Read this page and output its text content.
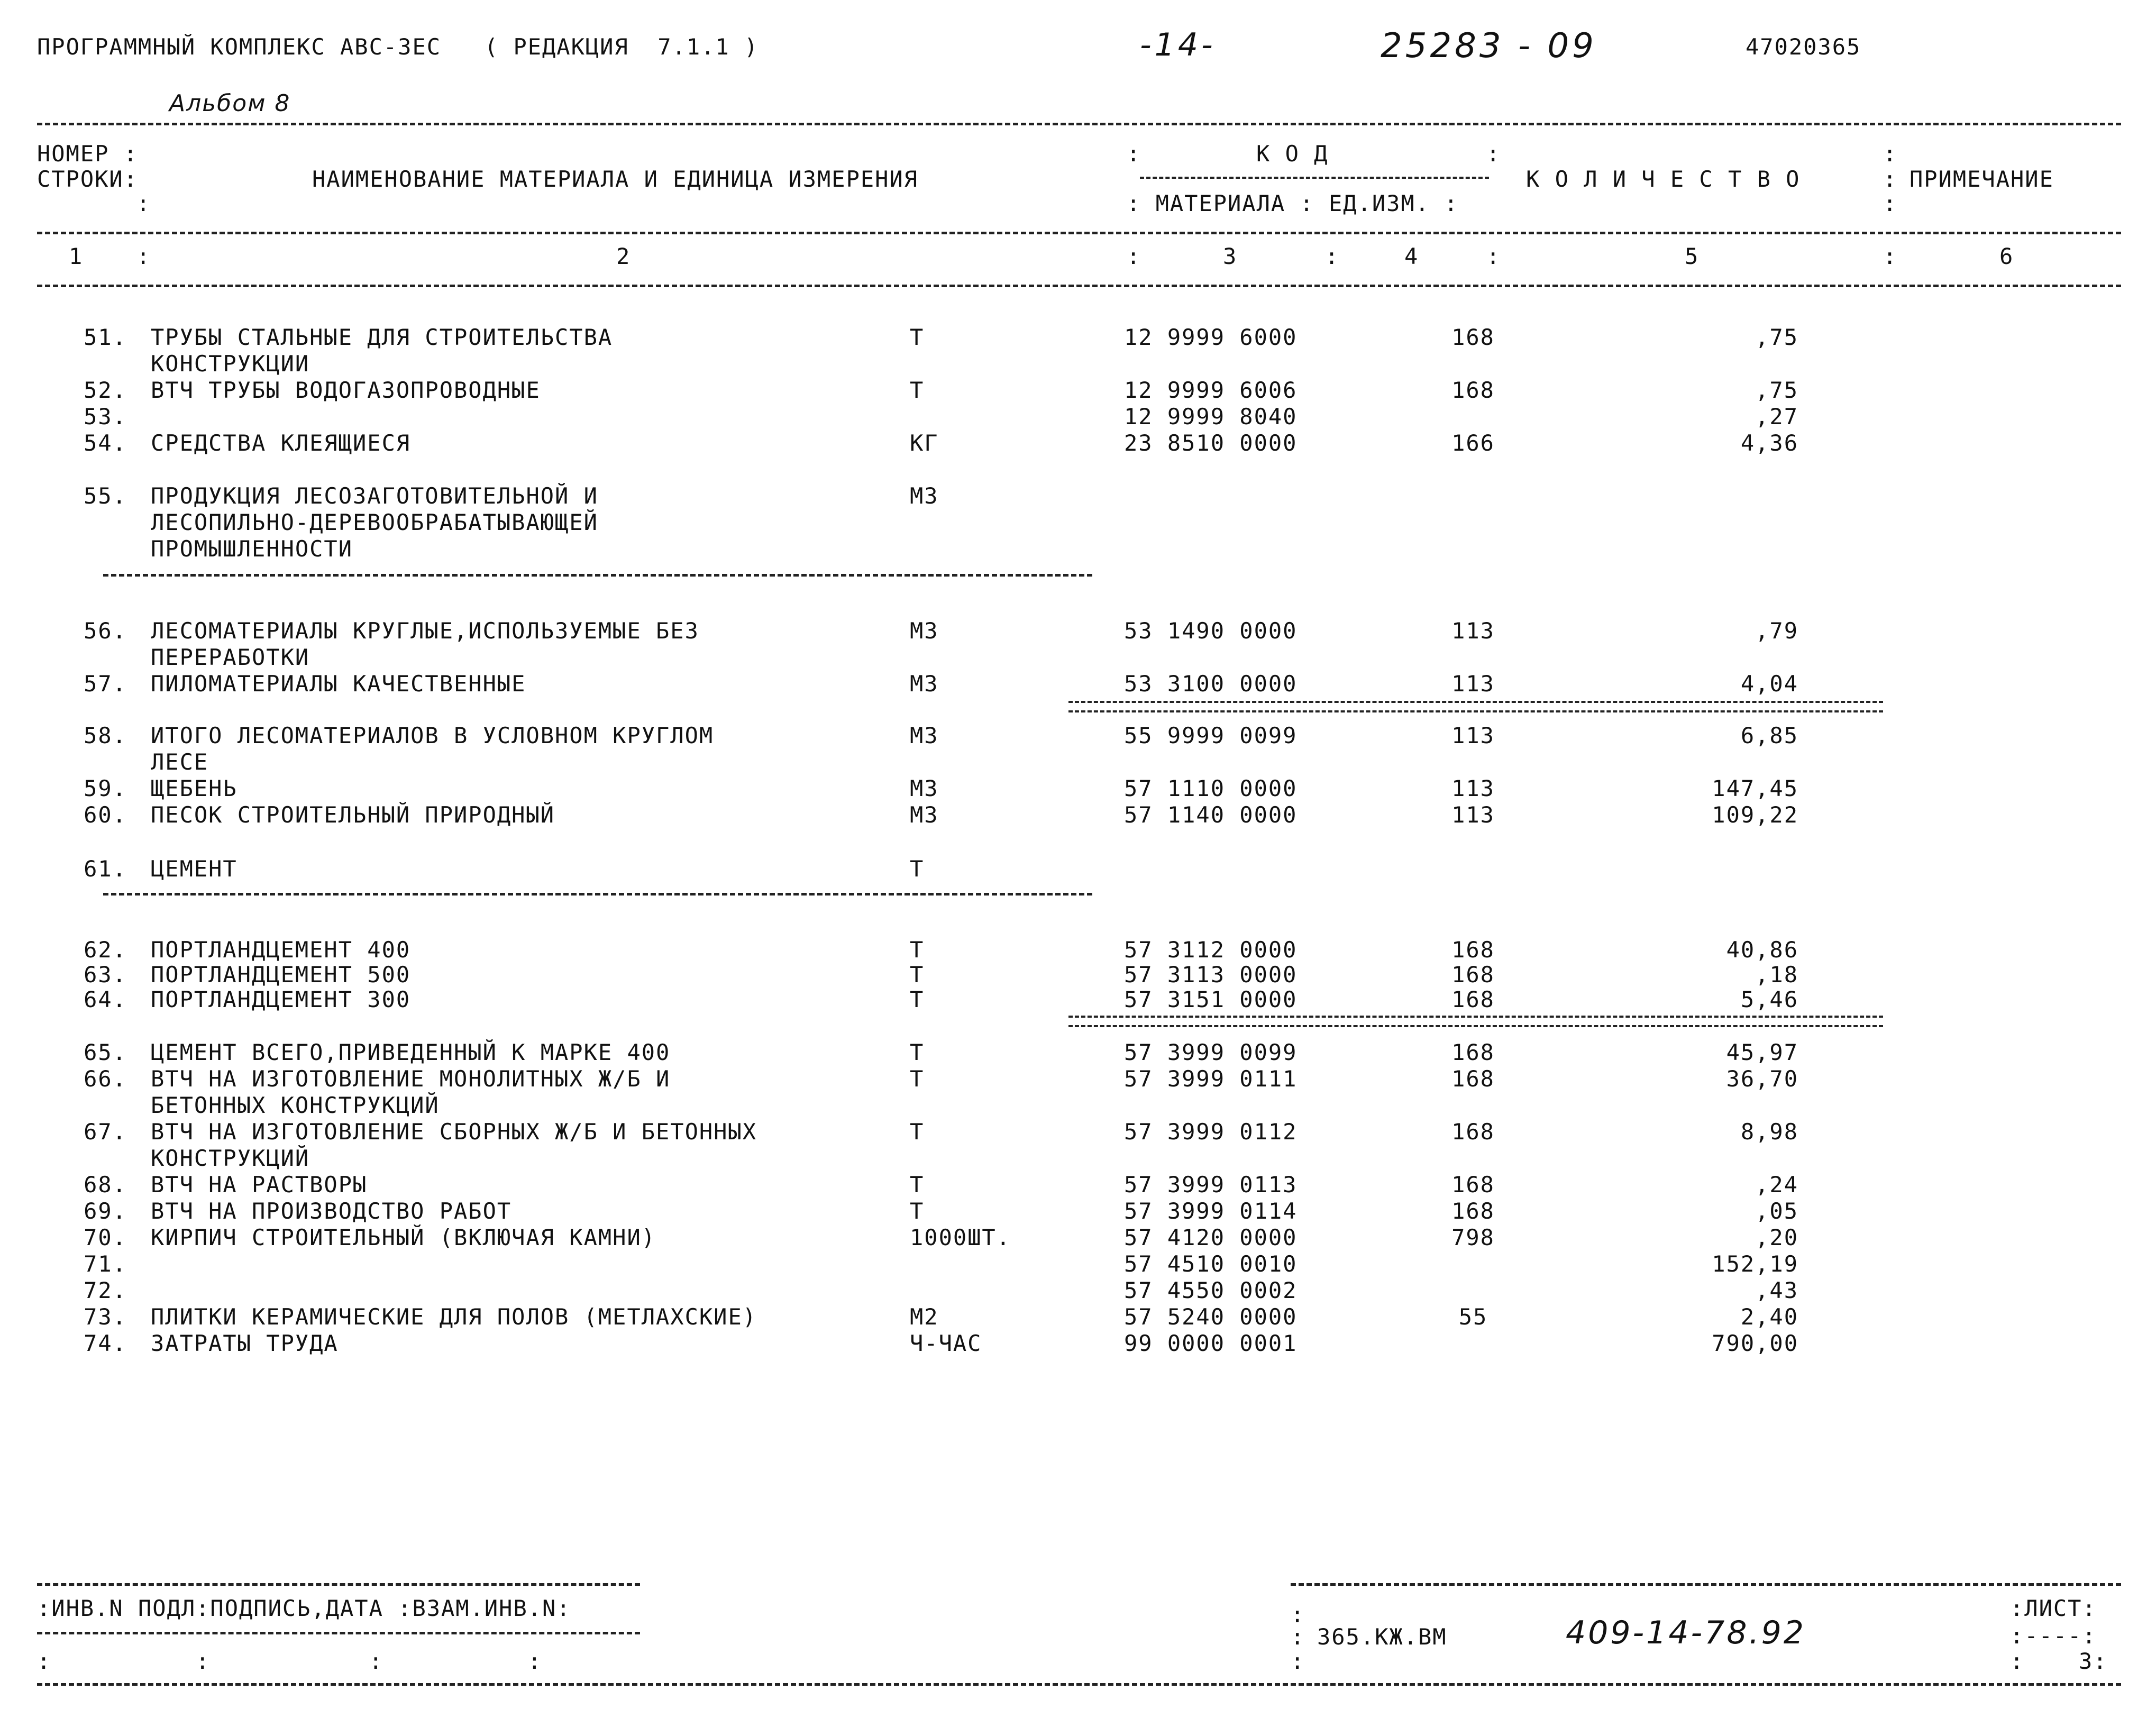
ПРОГРАММНЫЙ КОМПЛЕКС АВС-3ЕС   ( РЕДАКЦИЯ  7.1.1 )	-14-	25283 - 09	47020365
Альбом 8
НОМЕР :
СТРОКИ:
:
НАИМЕНОВАНИЕ МАТЕРИАЛА И ЕДИНИЦА ИЗМЕРЕНИЯ
:	К О Д	:
: МАТЕРИАЛА : ЕД.ИЗМ. :
К О Л И Ч Е С Т В О
:
: ПРИМЕЧАНИЕ
:
1 :	2	:	3	:	4	:	5	:	6
51. ТРУБЫ СТАЛЬНЫЕ ДЛЯ СТРОИТЕЛЬСТВА	Т	12 9999 6000	168	,75
КОНСТРУКЦИИ
52. ВТЧ ТРУБЫ ВОДОГАЗОПРОВОДНЫЕ	Т	12 9999 6006	168	,75
53.	12 9999 8040	,27
54. СРЕДСТВА КЛЕЯЩИЕСЯ	КГ	23 8510 0000	166	4,36
55. ПРОДУКЦИЯ ЛЕСОЗАГОТОВИТЕЛЬНОЙ И	М3
ЛЕСОПИЛЬНО-ДЕРЕВООБРАБАТЫВАЮЩЕЙ
ПРОМЫШЛЕННОСТИ
56. ЛЕСОМАТЕРИАЛЫ КРУГЛЫЕ,ИСПОЛЬЗУЕМЫЕ БЕЗ	М3	53 1490 0000	113	,79
ПЕРЕРАБОТКИ
57. ПИЛОМАТЕРИАЛЫ КАЧЕСТВЕННЫЕ	М3	53 3100 0000	113	4,04
58. ИТОГО ЛЕСОМАТЕРИАЛОВ В УСЛОВНОМ КРУГЛОМ	М3	55 9999 0099	113	6,85
ЛЕСЕ
59. ЩЕБЕНЬ	М3	57 1110 0000	113	147,45
60. ПЕСОК СТРОИТЕЛЬНЫЙ ПРИРОДНЫЙ	М3	57 1140 0000	113	109,22
61. ЦЕМЕНТ	Т
62. ПОРТЛАНДЦЕМЕНТ 400	Т	57 3112 0000	168	40,86
63. ПОРТЛАНДЦЕМЕНТ 500	Т	57 3113 0000	168	,18
64. ПОРТЛАНДЦЕМЕНТ 300	Т	57 3151 0000	168	5,46
65. ЦЕМЕНТ ВСЕГО,ПРИВЕДЕННЫЙ К МАРКЕ 400	Т	57 3999 0099	168	45,97
66. ВТЧ НА ИЗГОТОВЛЕНИЕ МОНОЛИТНЫХ Ж/Б И	Т	57 3999 0111	168	36,70
БЕТОННЫХ КОНСТРУКЦИЙ
67. ВТЧ НА ИЗГОТОВЛЕНИЕ СБОРНЫХ Ж/Б И БЕТОННЫХ	Т	57 3999 0112	168	8,98
КОНСТРУКЦИЙ
68. ВТЧ НА РАСТВОРЫ	Т	57 3999 0113	168	,24
69. ВТЧ НА ПРОИЗВОДСТВО РАБОТ	Т	57 3999 0114	168	,05
70. КИРПИЧ СТРОИТЕЛЬНЫЙ (ВКЛЮЧАЯ КАМНИ)	1000ШТ.	57 4120 0000	798	,20
71.	57 4510 0010	152,19
72.	57 4550 0002	,43
73. ПЛИТКИ КЕРАМИЧЕСКИЕ ДЛЯ ПОЛОВ (МЕТЛАХСКИЕ)	М2	57 5240 0000	55	2,40
74. ЗАТРАТЫ ТРУДА	Ч-ЧАС	99 0000 0001	790,00
:ИНВ.N ПОДЛ:ПОДПИСЬ,ДАТА :ВЗАМ.ИНВ.N:
:          :           :          :
:
: 365.КЖ.ВМ	409-14-78.92
:
:ЛИСТ:
:----:
: 3:
